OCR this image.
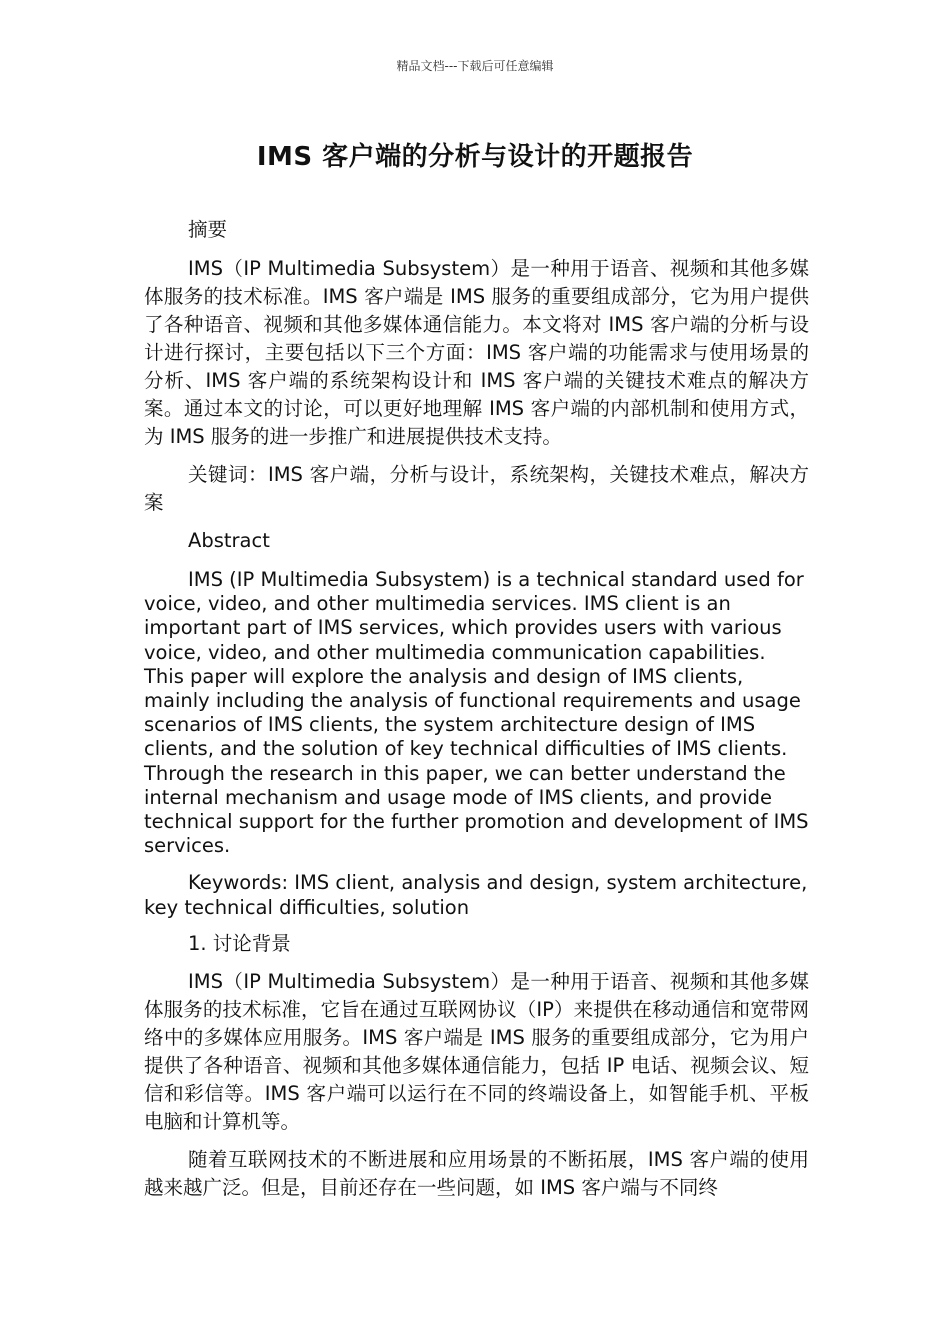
精品文档---下载后可任意编辑
IMS 客户端的分析与设计的开题报告

摘要

IMS（IP Multimedia Subsystem）是一种用于语音、视频和其他多媒体服务的技术标准。IMS 客户端是 IMS 服务的重要组成部分，它为用户提供了各种语音、视频和其他多媒体通信能力。本文将对 IMS 客户端的分析与设计进行探讨，主要包括以下三个方面：IMS 客户端的功能需求与使用场景的分析、IMS 客户端的系统架构设计和 IMS 客户端的关键技术难点的解决方案。通过本文的讨论，可以更好地理解 IMS 客户端的内部机制和使用方式，为 IMS 服务的进一步推广和进展提供技术支持。

关键词：IMS 客户端，分析与设计，系统架构，关键技术难点，解决方案

Abstract

IMS (IP Multimedia Subsystem) is a technical standard used for voice, video, and other multimedia services. IMS client is an important part of IMS services, which provides users with various voice, video, and other multimedia communication capabilities. This paper will explore the analysis and design of IMS clients, mainly including the analysis of functional requirements and usage scenarios of IMS clients, the system architecture design of IMS clients, and the solution of key technical difficulties of IMS clients. Through the research in this paper, we can better understand the internal mechanism and usage mode of IMS clients, and provide technical support for the further promotion and development of IMS services.

Keywords: IMS client, analysis and design, system architecture, key technical difficulties, solution

1. 讨论背景

IMS（IP Multimedia Subsystem）是一种用于语音、视频和其他多媒体服务的技术标准，它旨在通过互联网协议（IP）来提供在移动通信和宽带网络中的多媒体应用服务。IMS 客户端是 IMS 服务的重要组成部分，它为用户提供了各种语音、视频和其他多媒体通信能力，包括 IP 电话、视频会议、短信和彩信等。IMS 客户端可以运行在不同的终端设备上，如智能手机、平板电脑和计算机等。

随着互联网技术的不断进展和应用场景的不断拓展，IMS 客户端的使用越来越广泛。但是，目前还存在一些问题，如 IMS 客户端与不同终
